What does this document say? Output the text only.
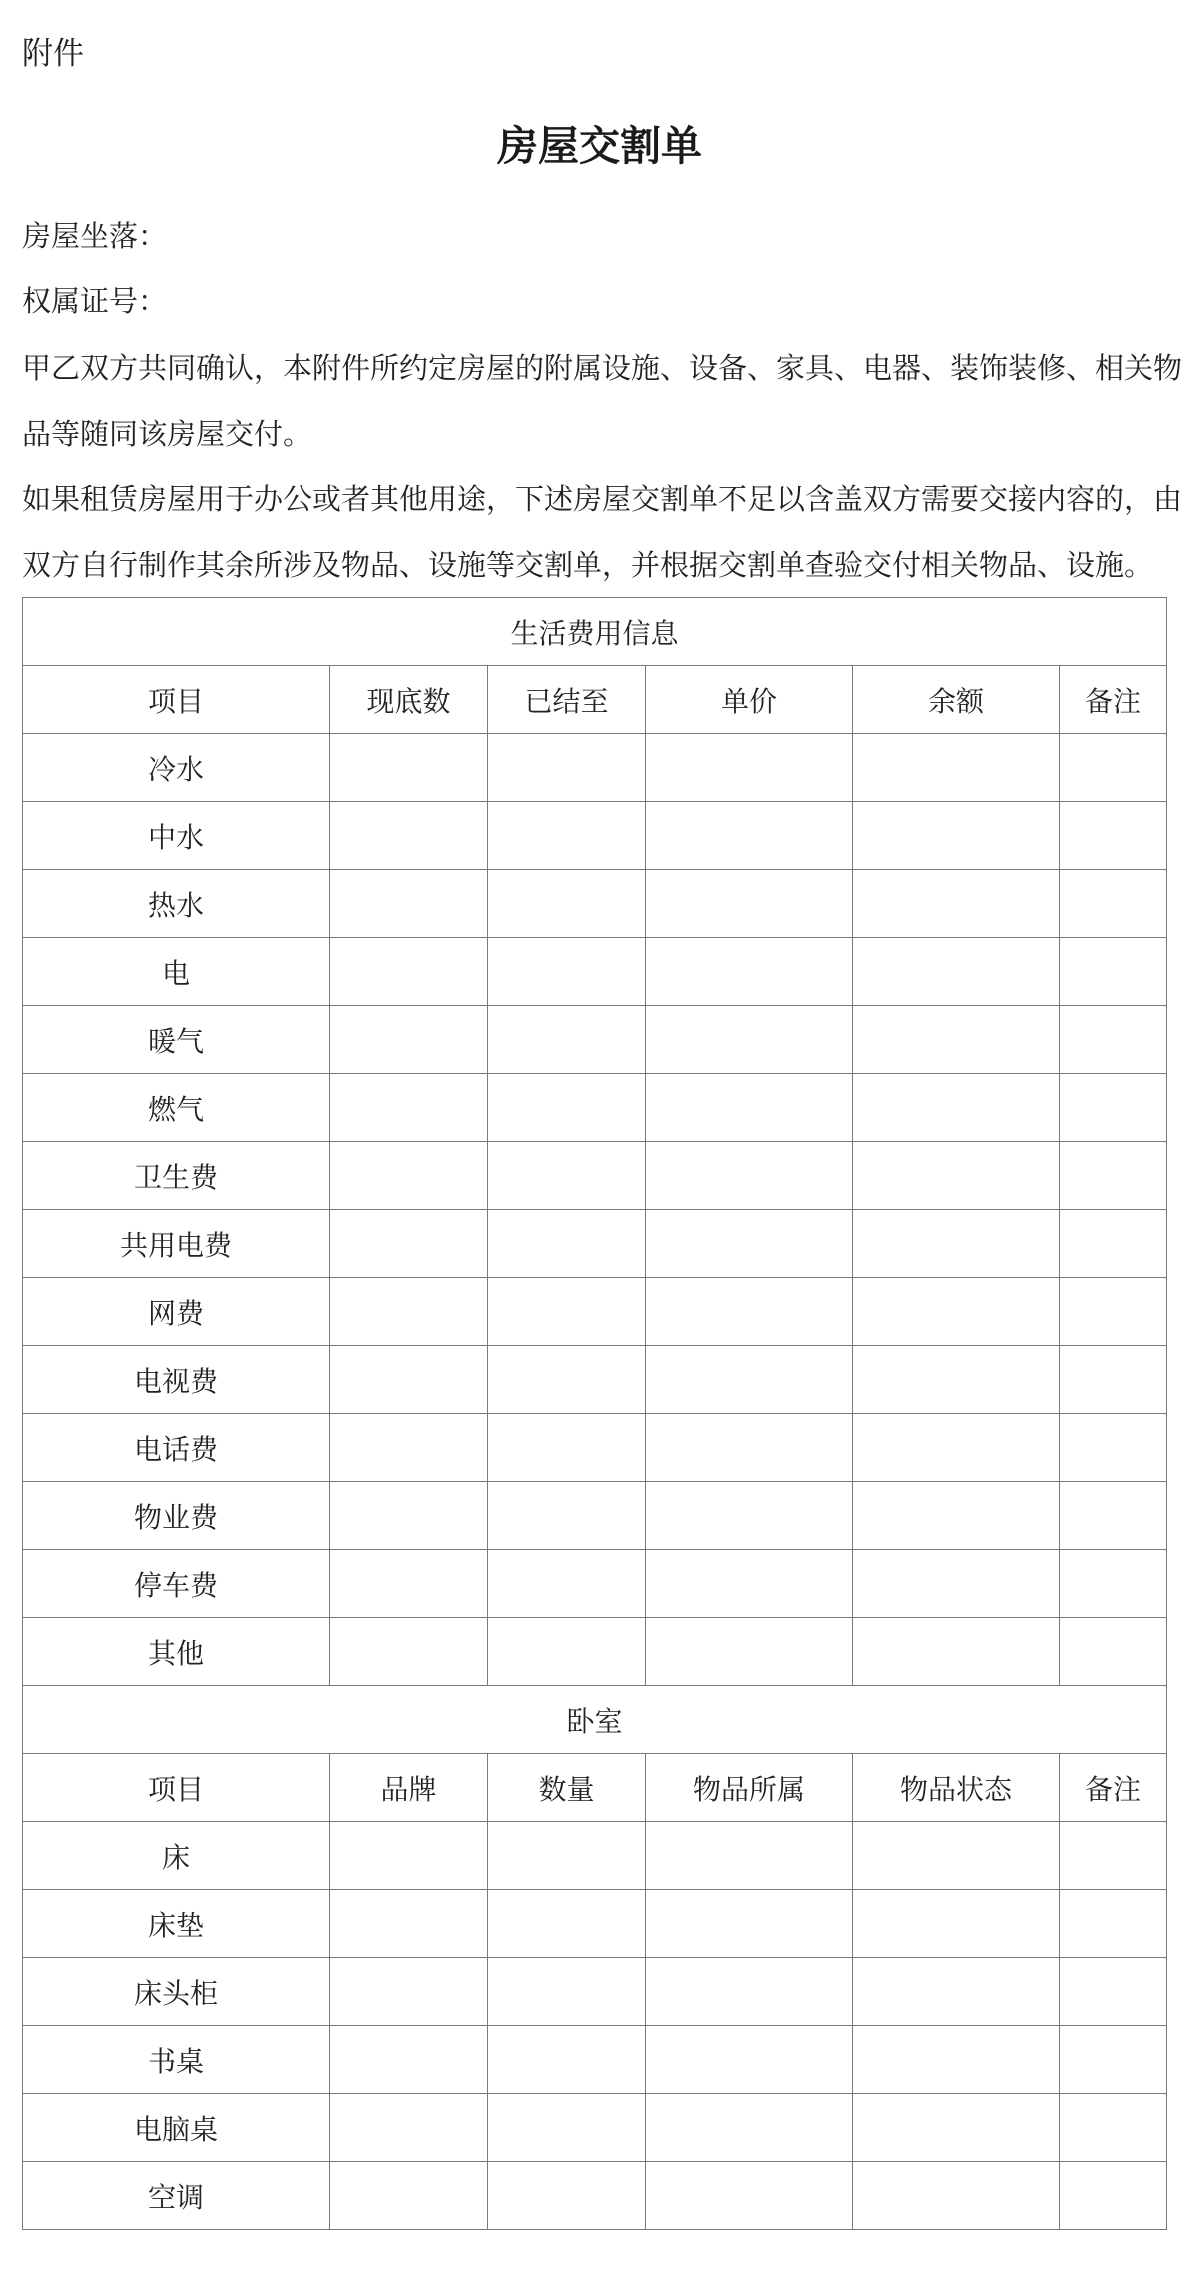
附件
房屋交割单
房屋坐落：
权属证号：
甲乙双方共同确认，本附件所约定房屋的附属设施、设备、家具、电器、装饰装修、相关物品等随同该房屋交付。
如果租赁房屋用于办公或者其他用途，下述房屋交割单不足以含盖双方需要交接内容的，由双方自行制作其余所涉及物品、设施等交割单，并根据交割单查验交付相关物品、设施。
生活费用信息					
项目	现底数	已结至	单价	余额	备注
冷水					
中水					
热水					
电					
暖气					
燃气					
卫生费					
共用电费					
网费					
电视费					
电话费					
物业费					
停车费					
其他					
卧室					
项目	品牌	数量	物品所属	物品状态	备注
床					
床垫					
床头柜					
书桌					
电脑桌					
空调					
